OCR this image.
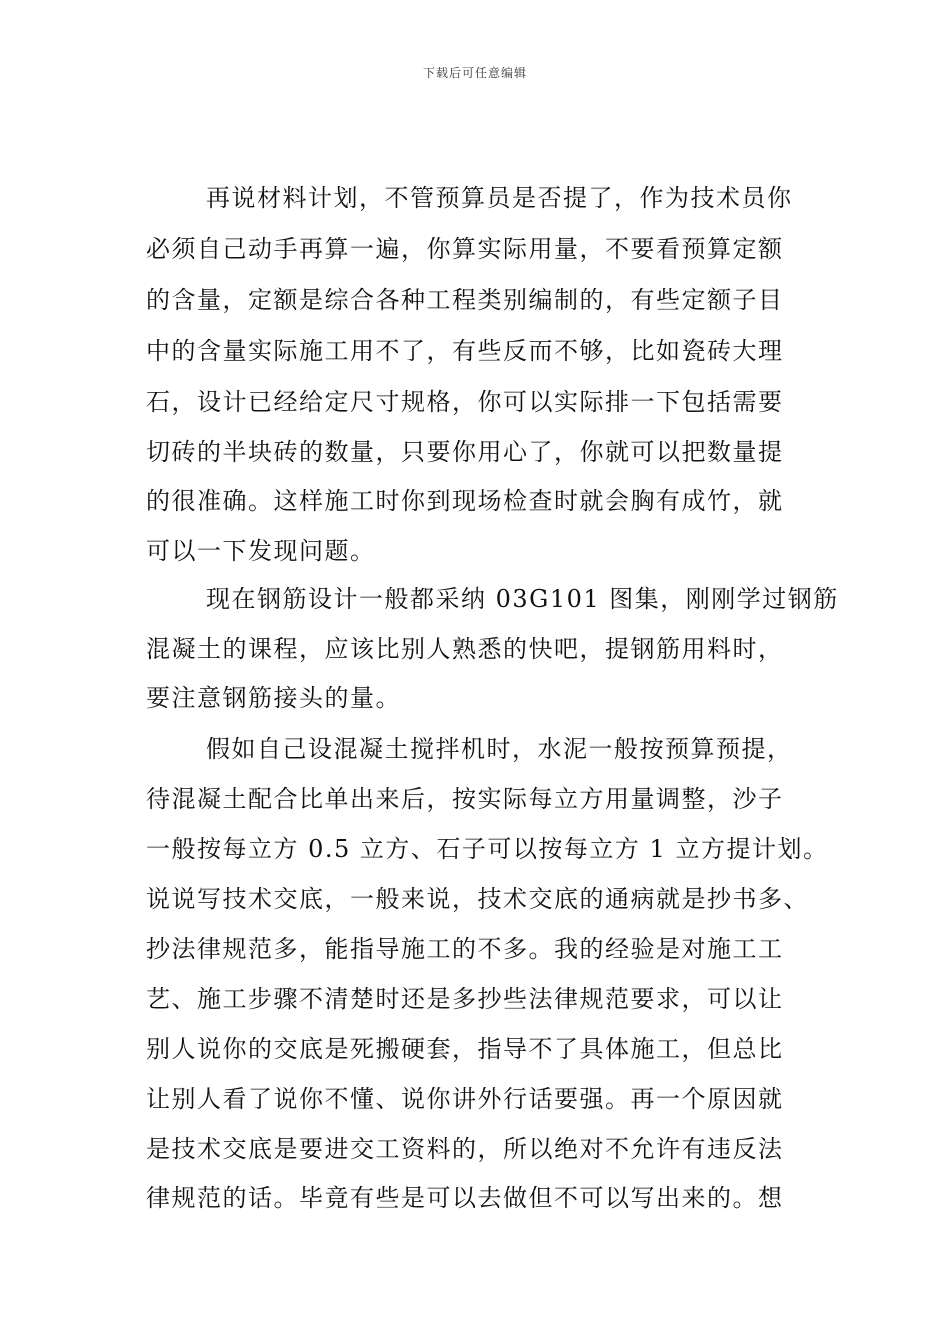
下载后可任意编辑
再说材料计划，不管预算员是否提了，作为技术员你
必须自己动手再算一遍，你算实际用量，不要看预算定额
的含量，定额是综合各种工程类别编制的，有些定额子目
中的含量实际施工用不了，有些反而不够，比如瓷砖大理
石，设计已经给定尺寸规格，你可以实际排一下包括需要
切砖的半块砖的数量，只要你用心了，你就可以把数量提
的很准确。这样施工时你到现场检查时就会胸有成竹，就
可以一下发现问题。
现在钢筋设计一般都采纳 03G101 图集，刚刚学过钢筋
混凝土的课程，应该比别人熟悉的快吧，提钢筋用料时，
要注意钢筋接头的量。
假如自己设混凝土搅拌机时，水泥一般按预算预提，
待混凝土配合比单出来后，按实际每立方用量调整，沙子
一般按每立方 0.5 立方、石子可以按每立方 1 立方提计划。
说说写技术交底，一般来说，技术交底的通病就是抄书多、
抄法律规范多，能指导施工的不多。我的经验是对施工工
艺、施工步骤不清楚时还是多抄些法律规范要求，可以让
别人说你的交底是死搬硬套，指导不了具体施工，但总比
让别人看了说你不懂、说你讲外行话要强。再一个原因就
是技术交底是要进交工资料的，所以绝对不允许有违反法
律规范的话。毕竟有些是可以去做但不可以写出来的。想
